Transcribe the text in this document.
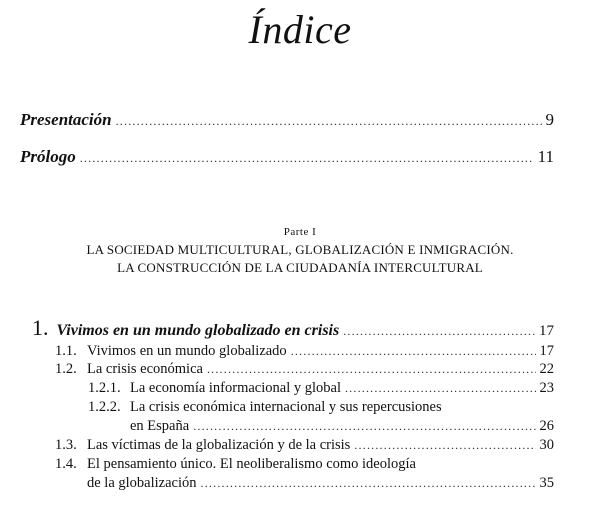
Índice
Presentación .....	9
Prólogo .....	11
Parte I
LA SOCIEDAD MULTICULTURAL, GLOBALIZACIÓN E INMIGRACIÓN.
LA CONSTRUCCIÓN DE LA CIUDADANÍA INTERCULTURAL
1. Vivimos en un mundo globalizado en crisis .....	17
1.1. Vivimos en un mundo globalizado .....	17
1.2. La crisis económica .....	22
1.2.1. La economía informacional y global .....	23
1.2.2. La crisis económica internacional y sus repercusiones
en España .....	26
1.3. Las víctimas de la globalización y de la crisis .....	30
1.4. El pensamiento único. El neoliberalismo como ideología
de la globalización .....	35
